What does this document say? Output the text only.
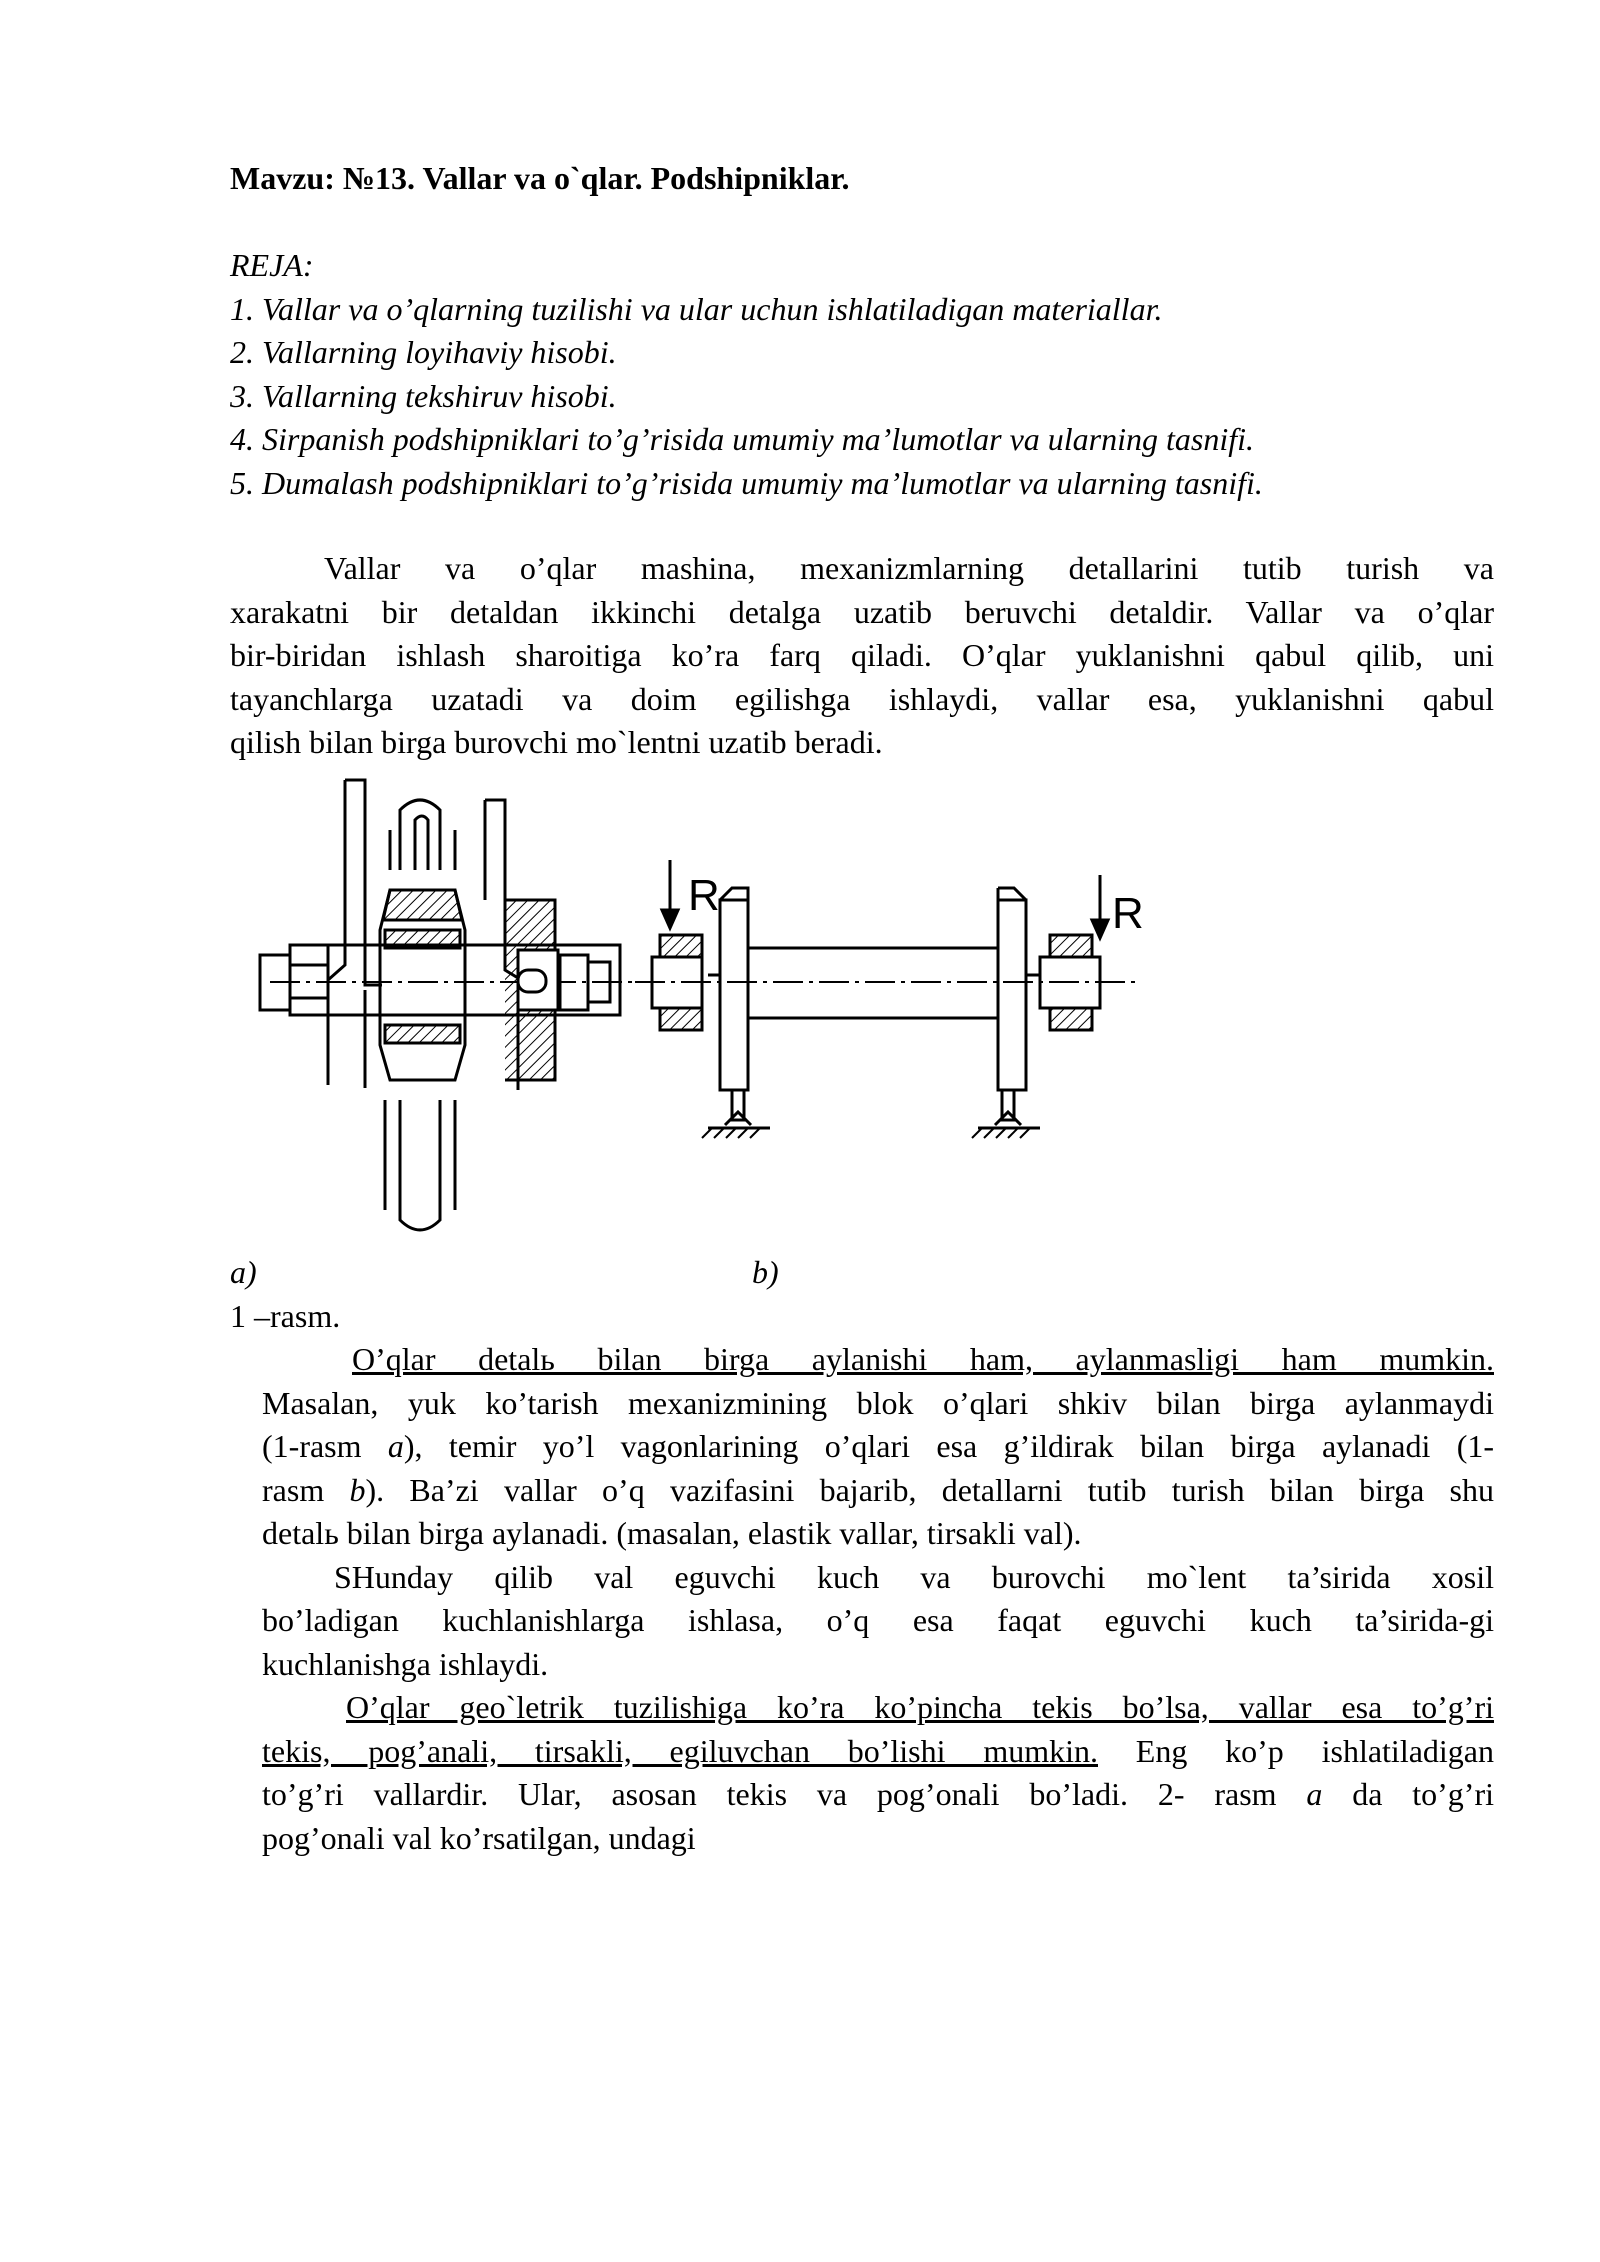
Mavzu: №13. Vallar va o`qlar. Podshipniklar.
REJA:
1. Vallar va o’qlarning tuzilishi va ular uchun ishlatiladigan materiallar.
2. Vallarning loyihaviy hisobi.
3. Vallarning tekshiruv hisobi.
4. Sirpanish podshipniklari to’g’risida umumiy ma’lumotlar va ularning tasnifi.
5. Dumalash podshipniklari to’g’risida umumiy ma’lumotlar va ularning tasnifi.
Vallar va o’qlar mashina, mexanizmlarning detallarini tutib turish va
xarakatni bir detaldan ikkinchi detalga uzatib beruvchi detaldir. Vallar va o’qlar
bir-biridan ishlash sharoitiga ko’ra farq qiladi. O’qlar yuklanishni qabul qilib, uni
tayanchlarga uzatadi va doim egilishga ishlaydi, vallar esa, yuklanishni qabul
qilish bilan birga burovchi mo`lentni uzatib beradi.
R	R
a)	b)
1 –rasm.
O’qlar detalь bilan birga aylanishi ham, aylanmasligi ham mumkin.
Masalan, yuk ko’tarish mexanizmining blok o’qlari shkiv bilan birga aylanmaydi
(1-rasm a), temir yo’l vagonlarining o’qlari esa g’ildirak bilan birga aylanadi (1-
rasm b). Ba’zi vallar o’q vazifasini bajarib, detallarni tutib turish bilan birga shu
detalь bilan birga aylanadi. (masalan, elastik vallar, tirsakli val).
SHunday qilib val eguvchi kuch va burovchi mo`lent ta’sirida xosil
bo’ladigan kuchlanishlarga ishlasa, o’q esa faqat eguvchi kuch ta’sirida-gi
kuchlanishga ishlaydi.
O’qlar geo`letrik tuzilishiga ko’ra ko’pincha tekis bo’lsa, vallar esa to’g’ri
tekis, pog’anali, tirsakli, egiluvchan bo’lishi mumkin. Eng ko’p ishlatiladigan
to’g’ri vallardir. Ular, asosan tekis va pog’onali bo’ladi. 2- rasm a da to’g’ri
pog’onali val ko’rsatilgan, undagi
